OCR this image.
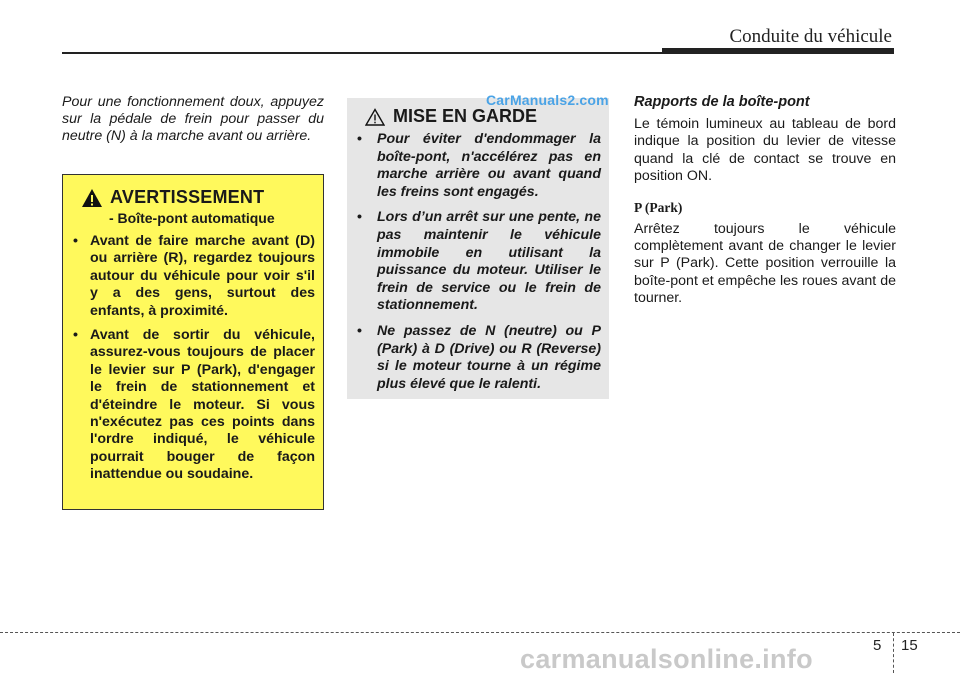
Conduite du véhicule

Pour une fonctionnement doux, appuyez sur la pédale de frein pour passer du neutre (N) à la marche avant ou arrière.

AVERTISSEMENT
- Boîte-pont automatique
• Avant de faire marche avant (D) ou arrière (R), regardez toujours autour du véhicule pour voir s'il y a des gens, surtout des enfants, à proximité.
• Avant de sortir du véhicule, assurez-vous toujours de placer le levier sur P (Park), d'engager le frein de stationnement et d'éteindre le moteur. Si vous n'exécutez pas ces points dans l'ordre indiqué, le véhicule pourrait bouger de façon inattendue ou soudaine.
MISE EN GARDE
• Pour éviter d'endommager la boîte-pont, n'accélérez pas en marche arrière ou avant quand les freins sont engagés.
• Lors d’un arrêt sur une pente, ne pas maintenir le véhicule immobile en utilisant la puissance du moteur. Utiliser le frein de service ou le frein de stationnement.
• Ne passez de N (neutre) ou P (Park) à D (Drive) ou R (Reverse) si le moteur tourne à un régime plus élevé que le ralenti.
CarManuals2.com Rapports de la boîte-pont

Le témoin lumineux au tableau de bord indique la position du levier de vitesse quand la clé de contact se trouve en position ON.

P (Park)

Arrêtez toujours le véhicule complètement avant de changer le levier sur P (Park). Cette position verrouille la boîte-pont et empêche les roues avant de tourner.

5 15
carmanualsonline.info
